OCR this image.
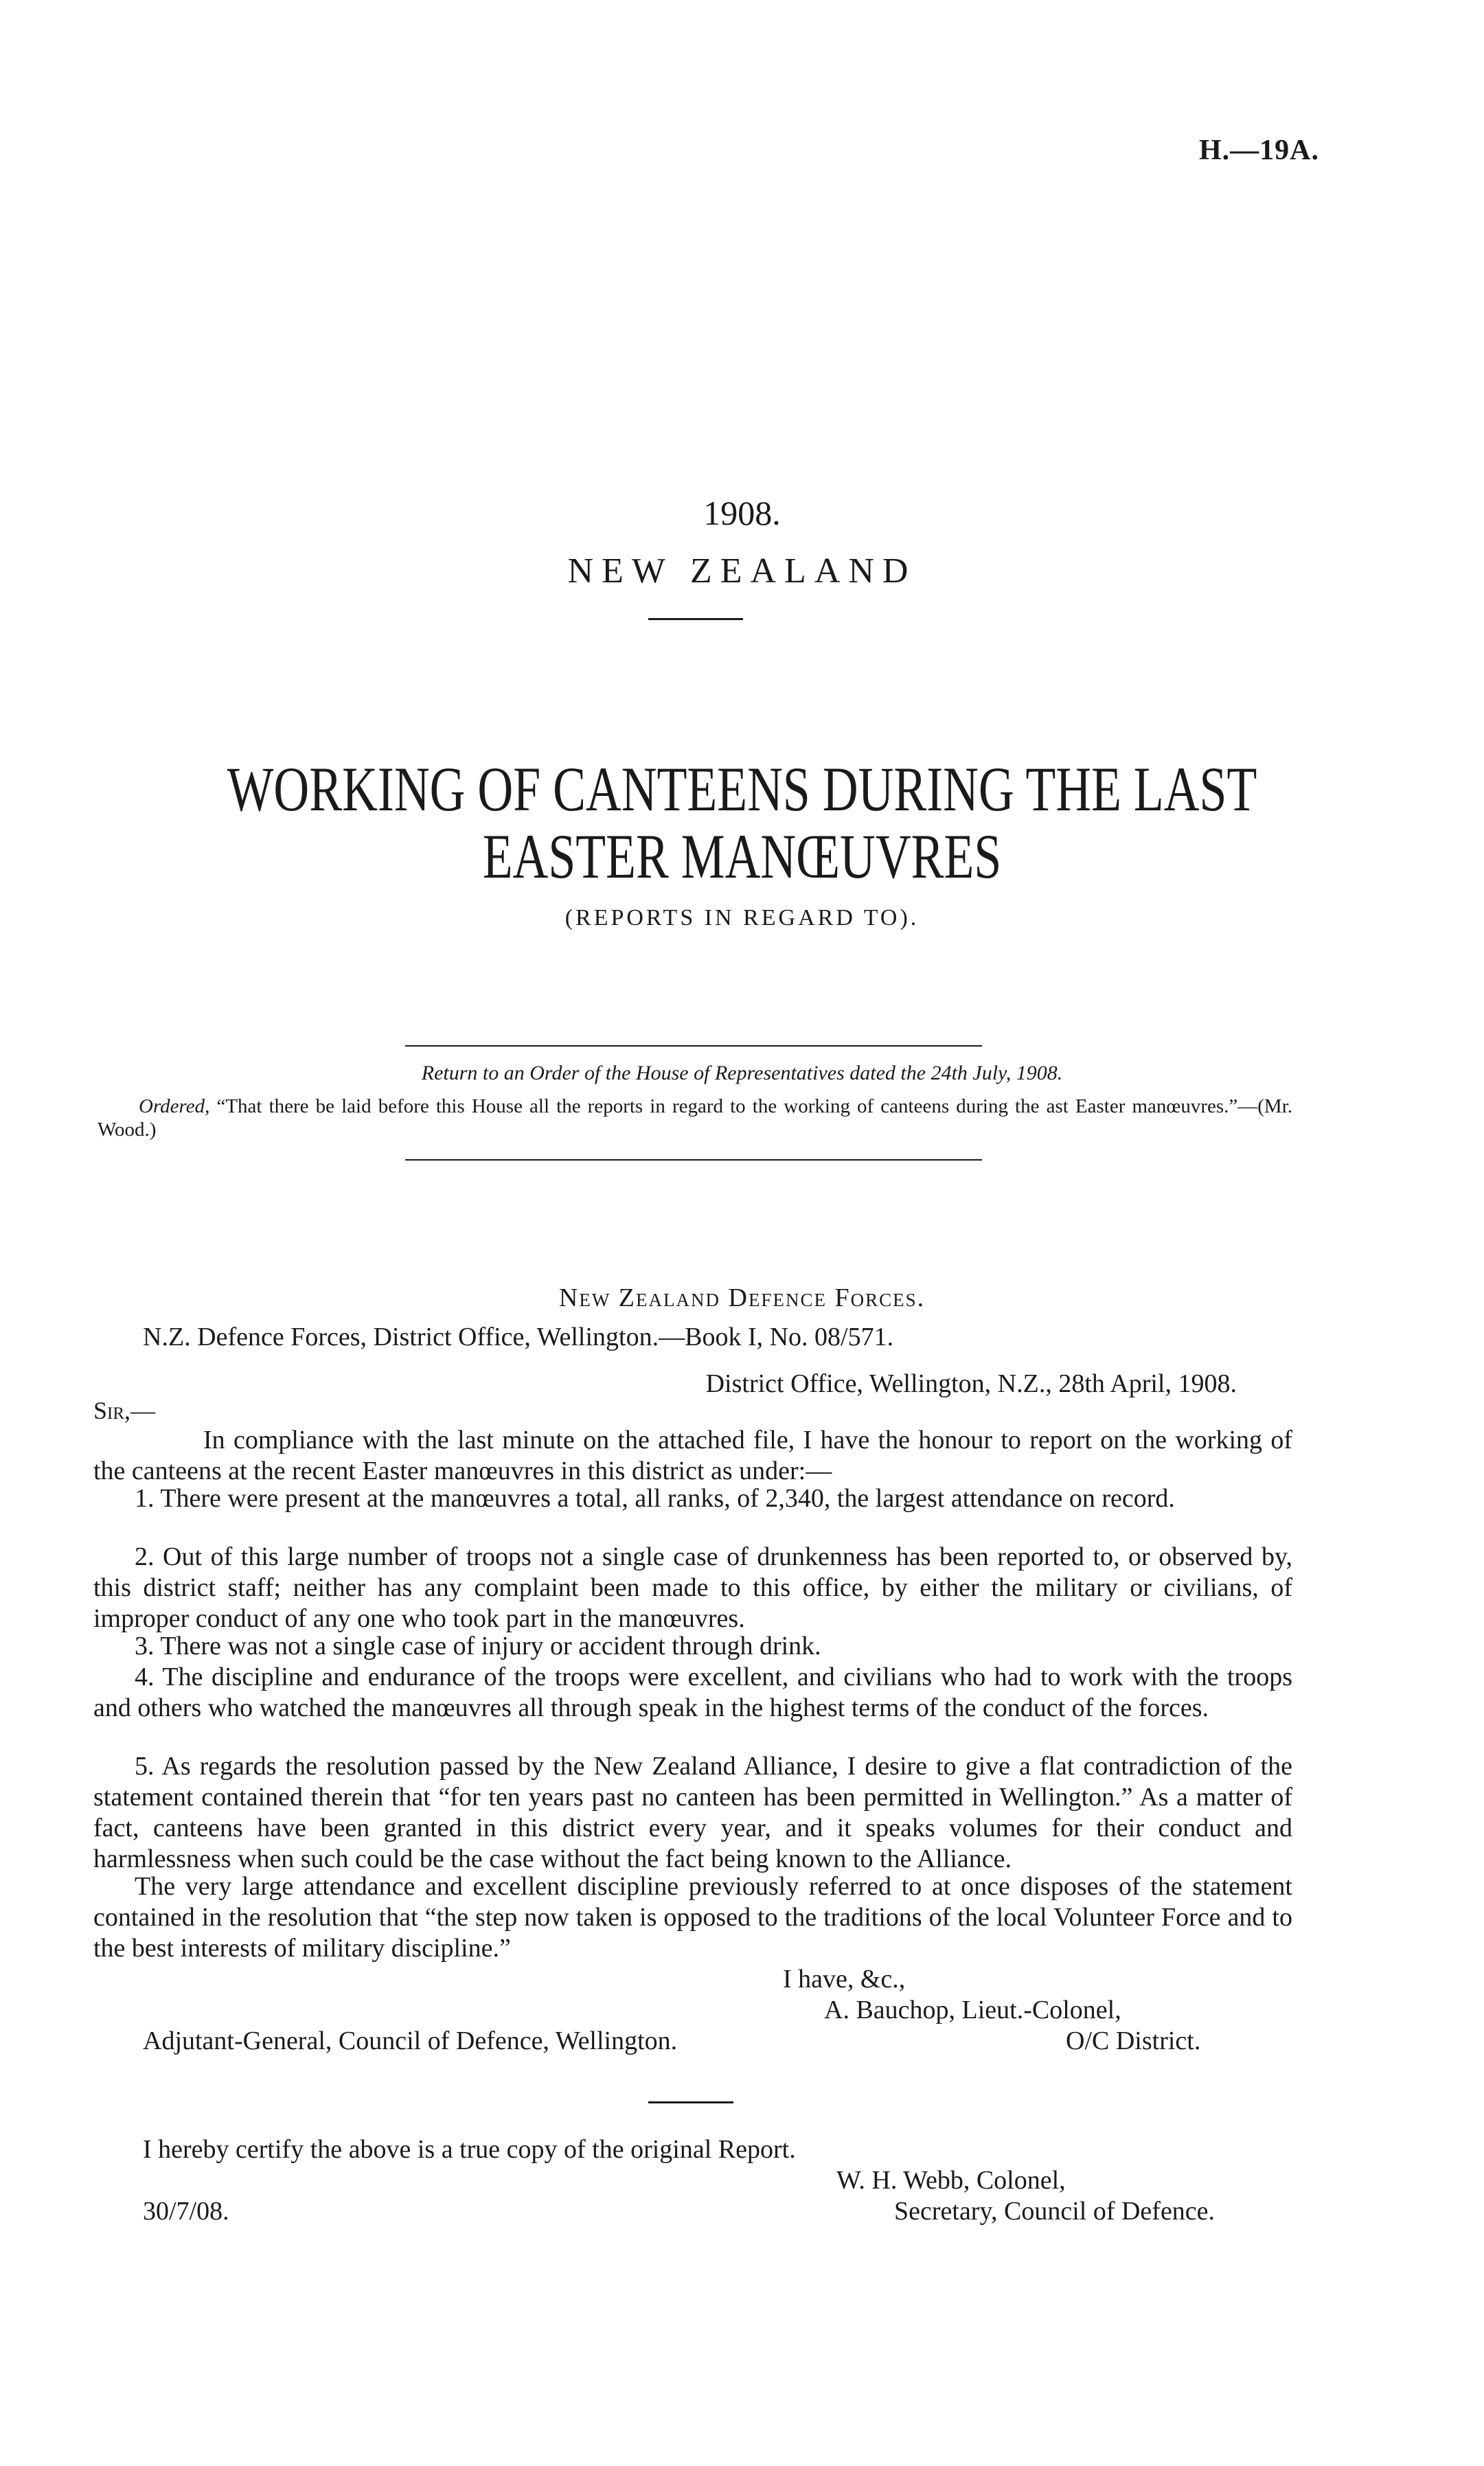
H.—19A.
1908.
NEW ZEALAND
WORKING OF CANTEENS DURING THE LAST EASTER MANŒUVRES
(REPORTS IN REGARD TO).
Return to an Order of the House of Representatives dated the 24th July, 1908.
Ordered, “That there be laid before this House all the reports in regard to the working of canteens during the ast Easter manœuvres.”—(Mr. Wood.)
New Zealand Defence Forces.
N.Z. Defence Forces, District Office, Wellington.—Book I, No. 08/571.
District Office, Wellington, N.Z., 28th April, 1908.
Sir,—
In compliance with the last minute on the attached file, I have the honour to report on the working of the canteens at the recent Easter manœuvres in this district as under:—
1. There were present at the manœuvres a total, all ranks, of 2,340, the largest attendance on record.
2. Out of this large number of troops not a single case of drunkenness has been reported to, or observed by, this district staff; neither has any complaint been made to this office, by either the military or civilians, of improper conduct of any one who took part in the manœuvres.
3. There was not a single case of injury or accident through drink.
4. The discipline and endurance of the troops were excellent, and civilians who had to work with the troops and others who watched the manœuvres all through speak in the highest terms of the conduct of the forces.
5. As regards the resolution passed by the New Zealand Alliance, I desire to give a flat contradiction of the statement contained therein that “for ten years past no canteen has been permitted in Wellington.” As a matter of fact, canteens have been granted in this district every year, and it speaks volumes for their conduct and harmlessness when such could be the case without the fact being known to the Alliance.
The very large attendance and excellent discipline previously referred to at once disposes of the statement contained in the resolution that “the step now taken is opposed to the traditions of the local Volunteer Force and to the best interests of military discipline.”
I have, &c.,
A. Bauchop, Lieut.-Colonel,
Adjutant-General, Council of Defence, Wellington.	O/C District.
I hereby certify the above is a true copy of the original Report.
W. H. Webb, Colonel,
30/7/08.	Secretary, Council of Defence.
